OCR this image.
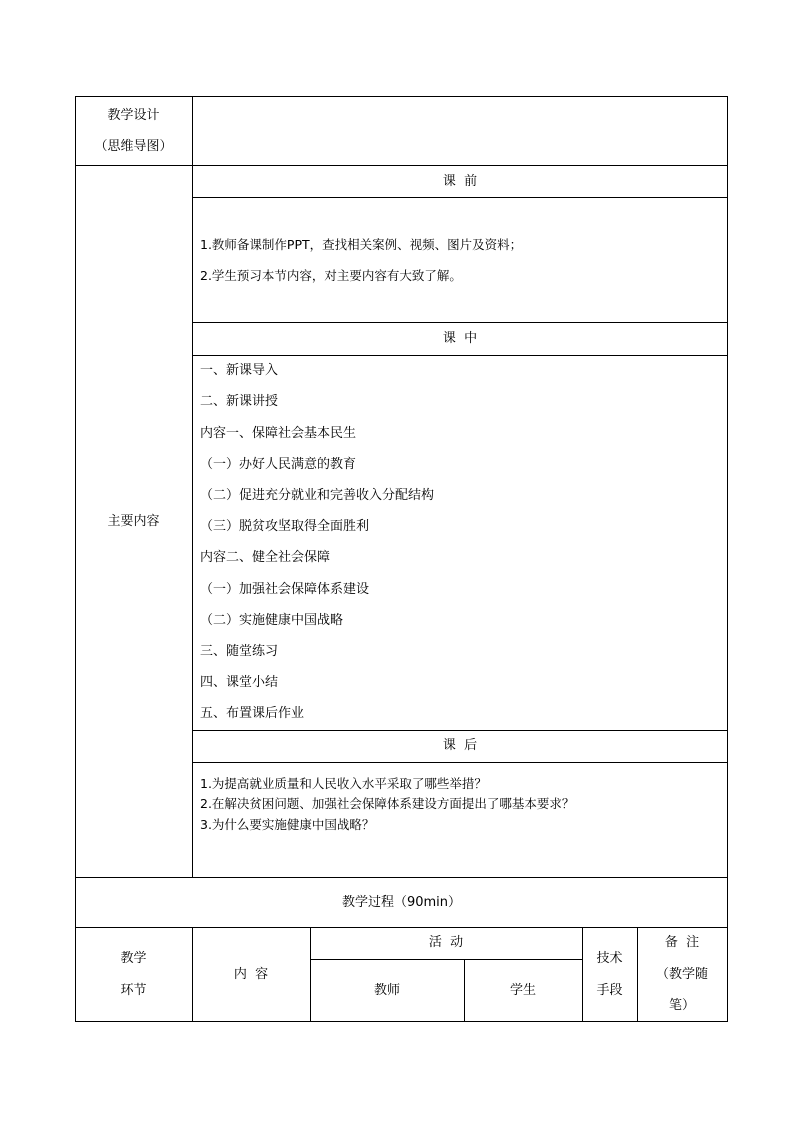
教学设计
（思维导图）
主要内容
课  前
1.教师备课制作PPT，查找相关案例、视频、图片及资料；
2.学生预习本节内容，对主要内容有大致了解。
课  中
一、新课导入
二、新课讲授
内容一、保障社会基本民生
（一）办好人民满意的教育
（二）促进充分就业和完善收入分配结构
（三）脱贫攻坚取得全面胜利
内容二、健全社会保障
（一）加强社会保障体系建设
（二）实施健康中国战略
三、随堂练习
四、课堂小结
五、布置课后作业
课  后
1.为提高就业质量和人民收入水平采取了哪些举措？
2.在解决贫困问题、加强社会保障体系建设方面提出了哪基本要求？
3.为什么要实施健康中国战略？
教学过程（90min）
教学
环节
内  容
活  动
教师	学生
技术
手段
备  注
（教学随
笔）
